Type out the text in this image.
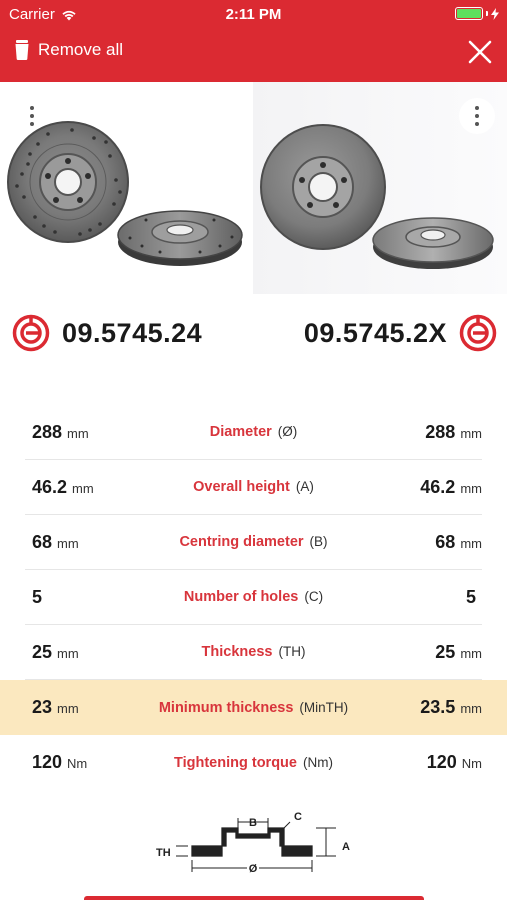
Carrier	2:11 PM
Remove all
09.5745.24	09.5745.2X
288 mm	Diameter (Ø)	288 mm
46.2 mm	Overall height (A)	46.2 mm
68 mm	Centring diameter (B)	68 mm
5	Number of holes (C)	5
25 mm	Thickness (TH)	25 mm
23 mm	Minimum thickness (MinTH)	23.5 mm
120 Nm	Tightening torque (Nm)	120 Nm
B	C
TH	A
Ø
